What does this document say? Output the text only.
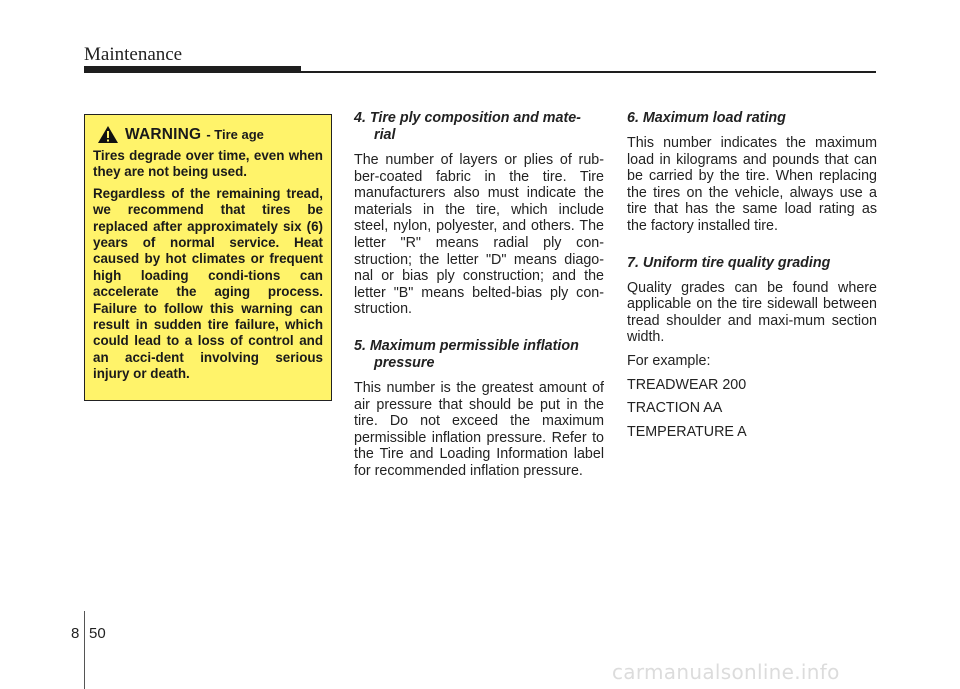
Maintenance
WARNING - Tire age

Tires degrade over time, even when they are not being used.

Regardless of the remaining tread, we recommend that tires be replaced after approximately six (6) years of normal service. Heat caused by hot climates or frequent high loading condi-tions can accelerate the aging process. Failure to follow this warning can result in sudden tire failure, which could lead to a loss of control and an acci-dent involving serious injury or death.

4. Tire ply composition and mate-
rial

The number of layers or plies of rub-ber-coated fabric in the tire. Tire manufacturers also must indicate the materials in the tire, which include steel, nylon, polyester, and others. The letter "R" means radial ply con-struction; the letter "D" means diago-nal or bias ply construction; and the letter "B" means belted-bias ply con-struction.

5. Maximum permissible inflation
pressure

This number is the greatest amount of air pressure that should be put in the tire. Do not exceed the maximum permissible inflation pressure. Refer to the Tire and Loading Information label for recommended inflation pressure.

6. Maximum load rating

This number indicates the maximum load in kilograms and pounds that can be carried by the tire. When replacing the tires on the vehicle, always use a tire that has the same load rating as the factory installed tire.

7. Uniform tire quality grading

Quality grades can be found where applicable on the tire sidewall between tread shoulder and maxi-mum section width.

For example:

TREADWEAR 200

TRACTION AA

TEMPERATURE A

8 50
carmanualsonline.info
